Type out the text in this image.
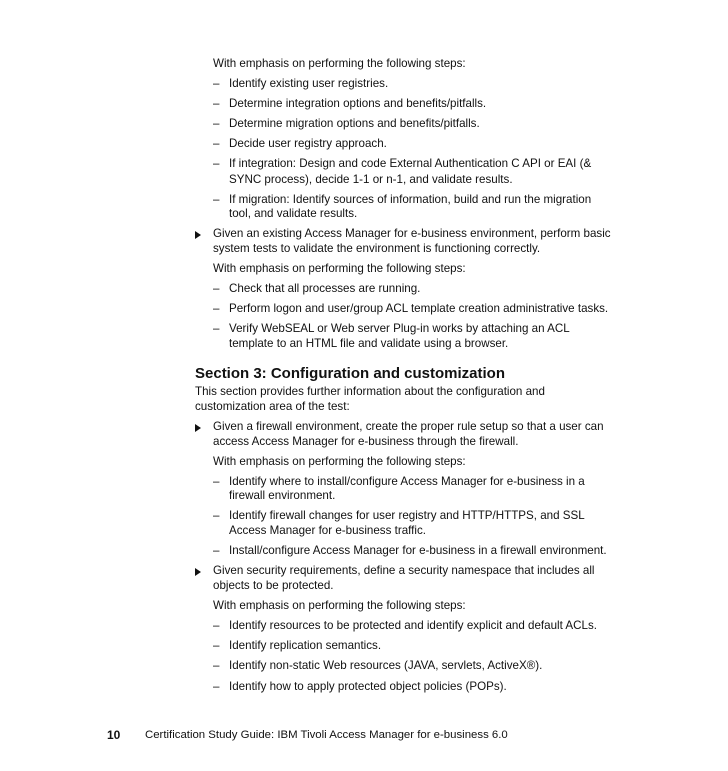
With emphasis on performing the following steps:
– Identify existing user registries.
– Determine integration options and benefits/pitfalls.
– Determine migration options and benefits/pitfalls.
– Decide user registry approach.
– If integration: Design and code External Authentication C API or EAI (&
SYNC process), decide 1-1 or n-1, and validate results.
– If migration: Identify sources of information, build and run the migration
tool, and validate results.
Given an existing Access Manager for e-business environment, perform basic
system tests to validate the environment is functioning correctly.
With emphasis on performing the following steps:
– Check that all processes are running.
– Perform logon and user/group ACL template creation administrative tasks.
– Verify WebSEAL or Web server Plug-in works by attaching an ACL
template to an HTML file and validate using a browser.
Section 3: Configuration and customization
This section provides further information about the configuration and
customization area of the test:
Given a firewall environment, create the proper rule setup so that a user can
access Access Manager for e-business through the firewall.
With emphasis on performing the following steps:
– Identify where to install/configure Access Manager for e-business in a
firewall environment.
– Identify firewall changes for user registry and HTTP/HTTPS, and SSL
Access Manager for e-business traffic.
– Install/configure Access Manager for e-business in a firewall environment.
Given security requirements, define a security namespace that includes all
objects to be protected.
With emphasis on performing the following steps:
– Identify resources to be protected and identify explicit and default ACLs.
– Identify replication semantics.
– Identify non-static Web resources (JAVA, servlets, ActiveX®).
– Identify how to apply protected object policies (POPs).
10 Certification Study Guide: IBM Tivoli Access Manager for e-business 6.0
